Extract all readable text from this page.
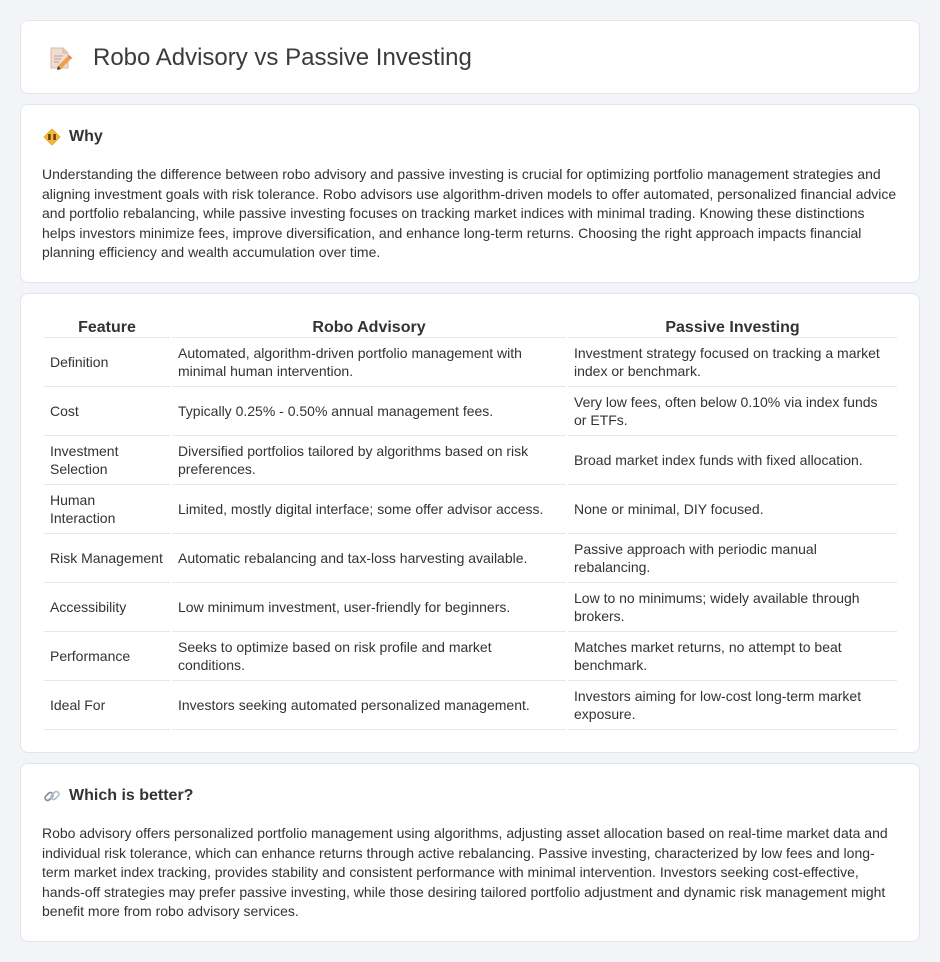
Robo Advisory vs Passive Investing
Why

Understanding the difference between robo advisory and passive investing is crucial for optimizing portfolio management strategies and aligning investment goals with risk tolerance. Robo advisors use algorithm-driven models to offer automated, personalized financial advice and portfolio rebalancing, while passive investing focuses on tracking market indices with minimal trading. Knowing these distinctions helps investors minimize fees, improve diversification, and enhance long-term returns. Choosing the right approach impacts financial planning efficiency and wealth accumulation over time.

Feature	Robo Advisory	Passive Investing
Definition	Automated, algorithm-driven portfolio management with minimal human intervention.	Investment strategy focused on tracking a market index or benchmark.
Cost	Typically 0.25% - 0.50% annual management fees.	Very low fees, often below 0.10% via index funds or ETFs.
Investment Selection	Diversified portfolios tailored by algorithms based on risk preferences.	Broad market index funds with fixed allocation.
Human Interaction	Limited, mostly digital interface; some offer advisor access.	None or minimal, DIY focused.
Risk Management	Automatic rebalancing and tax-loss harvesting available.	Passive approach with periodic manual rebalancing.
Accessibility	Low minimum investment, user-friendly for beginners.	Low to no minimums; widely available through brokers.
Performance	Seeks to optimize based on risk profile and market conditions.	Matches market returns, no attempt to beat benchmark.
Ideal For	Investors seeking automated personalized management.	Investors aiming for low-cost long-term market exposure.
Which is better?

Robo advisory offers personalized portfolio management using algorithms, adjusting asset allocation based on real-time market data and individual risk tolerance, which can enhance returns through active rebalancing. Passive investing, characterized by low fees and long-term market index tracking, provides stability and consistent performance with minimal intervention. Investors seeking cost-effective, hands-off strategies may prefer passive investing, while those desiring tailored portfolio adjustment and dynamic risk management might benefit more from robo advisory services.
